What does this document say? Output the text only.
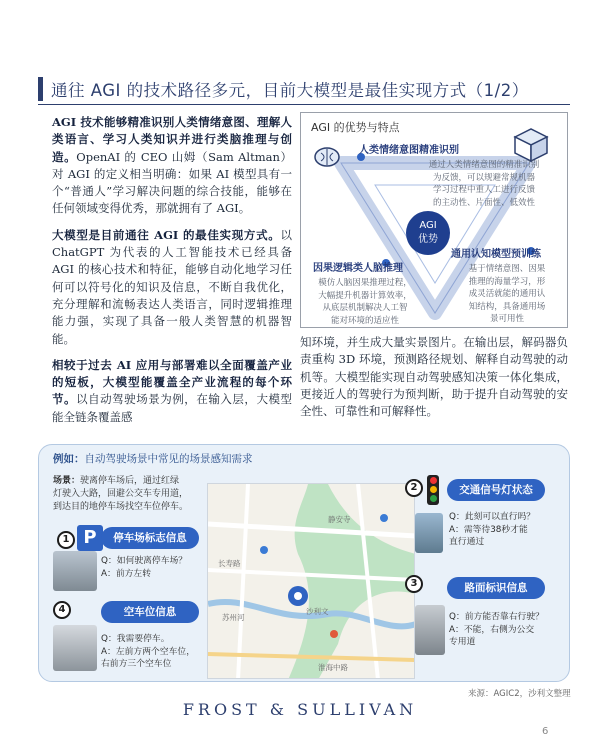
通往 AGI 的技术路径多元，目前大模型是最佳实现方式（1/2）

AGI 技术能够精准识别人类情绪意图、理解人类语言、学习人类知识并进行类脑推理与创造。OpenAI 的 CEO 山姆（Sam Altman）对 AGI 的定义相当明确：如果 AI 模型具有一个“普通人”学习解决问题的综合技能，能够在任何领域变得优秀，那就拥有了 AGI。

大模型是目前通往 AGI 的最佳实现方式。以 ChatGPT 为代表的人工智能技术已经具备 AGI 的核心技术和特征，能够自动化地学习任何可以符号化的知识及信息，不断自我优化，充分理解和流畅表达人类语言，同时逻辑推理能力强，实现了具备一般人类智慧的机器智能。

相较于过去 AI 应用与部署难以全面覆盖产业的短板，大模型能覆盖全产业流程的每个环节。以自动驾驶场景为例，在输入层，大模型能全链条覆盖感

AGI 的优势与特点
AGI
优势
人类情绪意图精准识别
通过人类情绪意图的精准识别
为反馈，可以规避常规机器
学习过程中重人工进行反馈
的主动性、片面性、低效性
通用认知模型预训练
基于情绪意图、因果
推理的海量学习，形
成灵活就能的通用认
知结构，具备通用场
景可用性
因果逻辑类人脑推理
模仿人脑因果推理过程，
大幅提升机器计算效率，
从底层机制解决人工智
能对环境的适应性
知环境，并生成大量实景图片。在输出层，解码器负责重构 3D 环境，预测路径规划、解释自动驾驶的动机等。大模型能实现自动驾驶感知决策一体化集成，更接近人的驾驶行为预判断，助于提升自动驾驶的安全性、可靠性和可解释性。
例如：自动驾驶场景中常见的场景感知需求
场景：驶离停车场后，通过红绿
灯驶入大路，回避公交车专用道，
到达目的地停车场找空车位停车。
1 P	停车场标志信息
Q：如何驶离停车场？
A：前方左转
4	空车位信息
Q：我需要停车。
A：左前方两个空车位，
右前方三个空车位
沙利文
静安寺
苏州河
长寿路
淮海中路
2	交通信号灯状态
Q：此刻可以直行吗？
A：需等待38秒才能
直行通过
3	路面标识信息
Q：前方能否靠右行驶？
A：不能，右侧为公交
专用道
来源：AGIC2，沙利文整理
FROST & SULLIVAN
6
